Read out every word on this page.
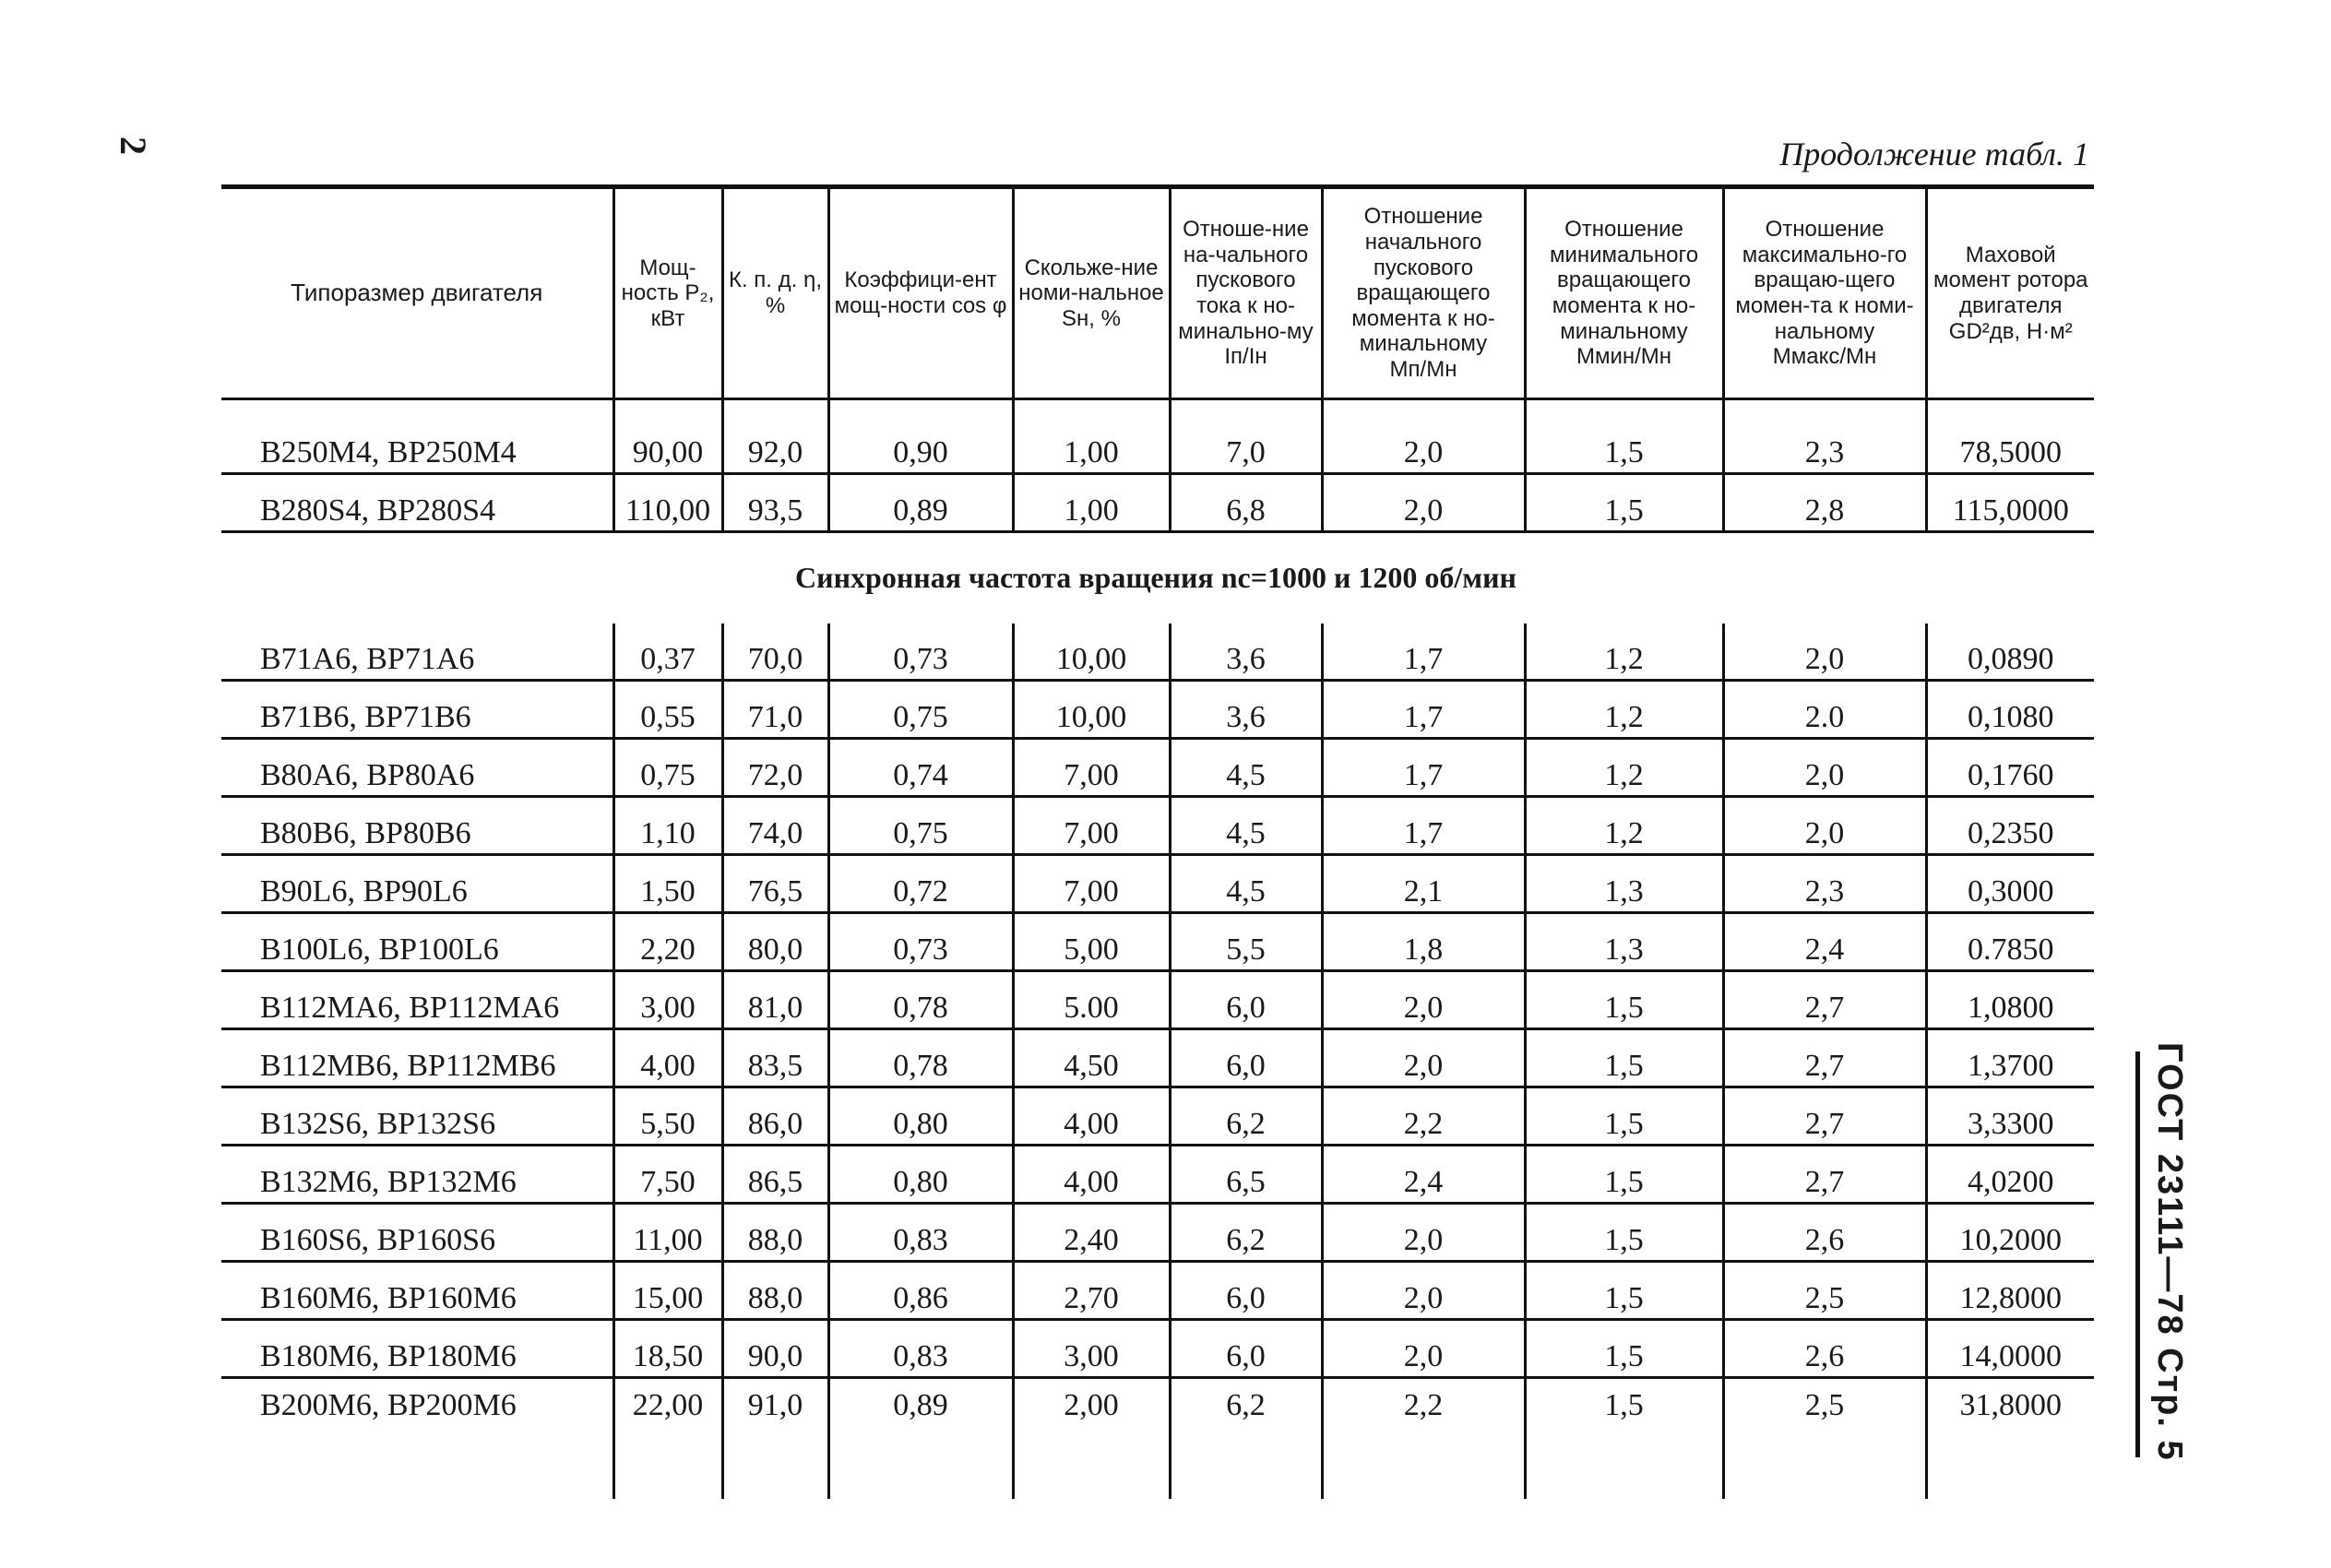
2	Продолжение табл. 1
ГОСТ 23111—78 Стр. 5
Типоразмер двигателя	Мощ-ность P₂, кВт	К. п. д. η, %	Коэффици-ент мощ-ности cos φ	Скольже-ние номи-нальное Sн, %	Отноше-ние на-чального пускового тока к но-минально-му Iп/Iн	Отношение начального пускового вращающего момента к но-минальному Mп/Mн	Отношение минимального вращающего момента к но-минальному Mмин/Mн	Отношение максимально-го вращаю-щего момен-та к номи-нальному Mмакс/Mн	Маховой момент ротора двигателя GD²дв, Н·м²
В250М4, ВР250М4	90,00	92,0	0,90	1,00	7,0	2,0	1,5	2,3	78,5000
В280S4, ВР280S4	110,00	93,5	0,89	1,00	6,8	2,0	1,5	2,8	115,0000
Синхронная частота вращения nс=1000 и 1200 об/мин									
В71А6, ВР71А6	0,37	70,0	0,73	10,00	3,6	1,7	1,2	2,0	0,0890
В71В6, ВР71В6	0,55	71,0	0,75	10,00	3,6	1,7	1,2	2.0	0,1080
В80А6, ВР80А6	0,75	72,0	0,74	7,00	4,5	1,7	1,2	2,0	0,1760
В80В6, ВР80В6	1,10	74,0	0,75	7,00	4,5	1,7	1,2	2,0	0,2350
В90L6, ВР90L6	1,50	76,5	0,72	7,00	4,5	2,1	1,3	2,3	0,3000
В100L6, ВР100L6	2,20	80,0	0,73	5,00	5,5	1,8	1,3	2,4	0.7850
В112МА6, ВР112МА6	3,00	81,0	0,78	5.00	6,0	2,0	1,5	2,7	1,0800
В112МВ6, ВР112МВ6	4,00	83,5	0,78	4,50	6,0	2,0	1,5	2,7	1,3700
В132S6, ВР132S6	5,50	86,0	0,80	4,00	6,2	2,2	1,5	2,7	3,3300
В132М6, ВР132М6	7,50	86,5	0,80	4,00	6,5	2,4	1,5	2,7	4,0200
В160S6, ВР160S6	11,00	88,0	0,83	2,40	6,2	2,0	1,5	2,6	10,2000
В160М6, ВР160М6	15,00	88,0	0,86	2,70	6,0	2,0	1,5	2,5	12,8000
В180М6, ВР180М6	18,50	90,0	0,83	3,00	6,0	2,0	1,5	2,6	14,0000
В200М6, ВР200М6	22,00	91,0	0,89	2,00	6,2	2,2	1,5	2,5	31,8000
